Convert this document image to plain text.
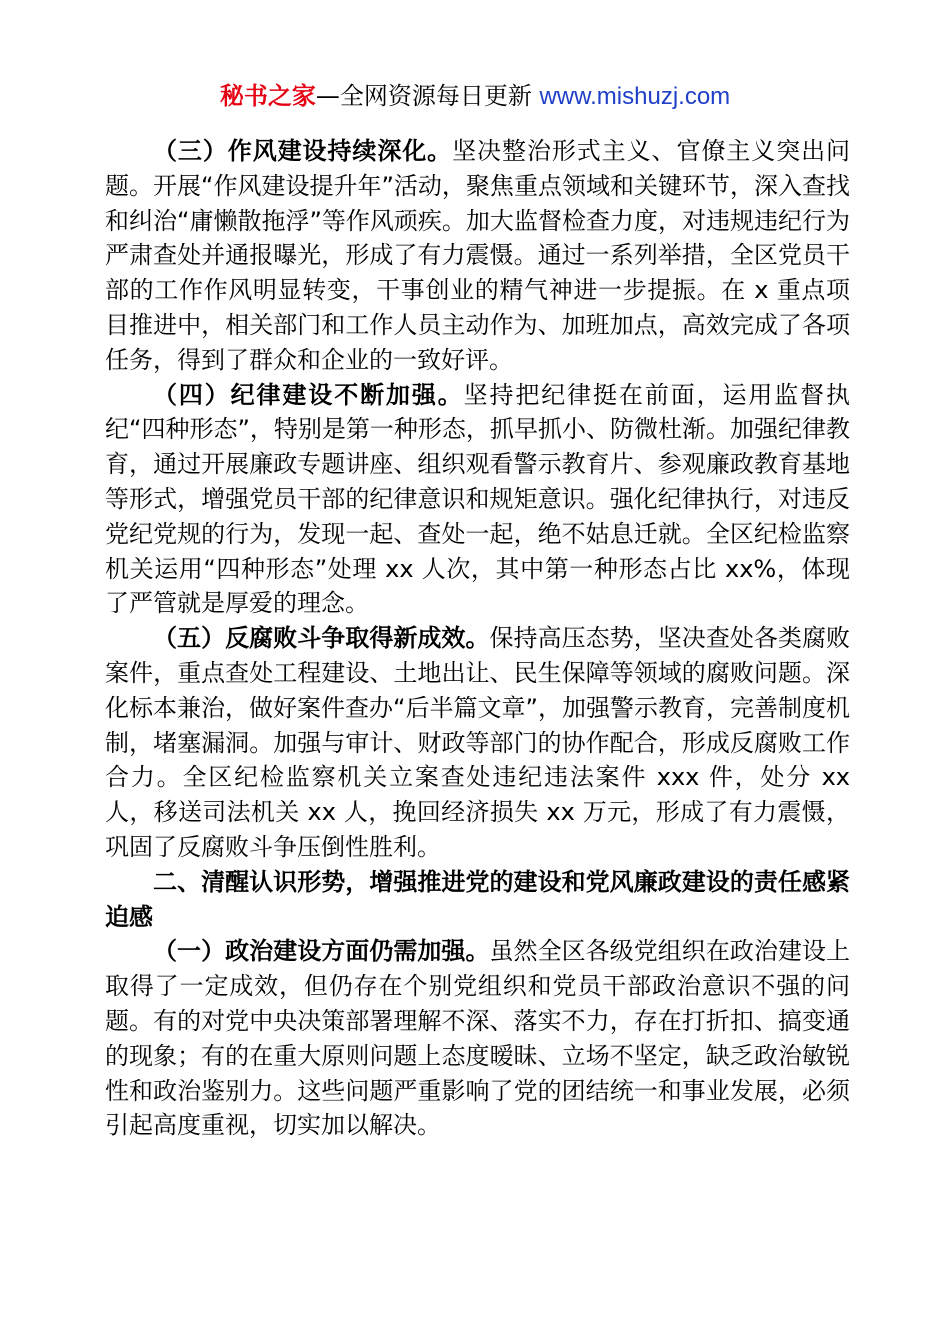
秘书之家—全网资源每日更新 www.mishuzj.com

（三）作风建设持续深化。坚决整治形式主义、官僚主义突出问题。开展“作风建设提升年”活动，聚焦重点领域和关键环节，深入查找和纠治“庸懒散拖浮”等作风顽疾。加大监督检查力度，对违规违纪行为严肃查处并通报曝光，形成了有力震慑。通过一系列举措，全区党员干部的工作作风明显转变，干事创业的精气神进一步提振。在 x 重点项目推进中，相关部门和工作人员主动作为、加班加点，高效完成了各项任务，得到了群众和企业的一致好评。

（四）纪律建设不断加强。坚持把纪律挺在前面，运用监督执纪“四种形态”，特别是第一种形态，抓早抓小、防微杜渐。加强纪律教育，通过开展廉政专题讲座、组织观看警示教育片、参观廉政教育基地等形式，增强党员干部的纪律意识和规矩意识。强化纪律执行，对违反党纪党规的行为，发现一起、查处一起，绝不姑息迁就。全区纪检监察机关运用“四种形态”处理 xx 人次，其中第一种形态占比 xx%，体现了严管就是厚爱的理念。

（五）反腐败斗争取得新成效。保持高压态势，坚决查处各类腐败案件，重点查处工程建设、土地出让、民生保障等领域的腐败问题。深化标本兼治，做好案件查办“后半篇文章”，加强警示教育，完善制度机制，堵塞漏洞。加强与审计、财政等部门的协作配合，形成反腐败工作合力。全区纪检监察机关立案查处违纪违法案件 xxx 件，处分 xx 人，移送司法机关 xx 人，挽回经济损失 xx 万元，形成了有力震慑，巩固了反腐败斗争压倒性胜利。

二、清醒认识形势，增强推进党的建设和党风廉政建设的责任感紧迫感

（一）政治建设方面仍需加强。虽然全区各级党组织在政治建设上取得了一定成效，但仍存在个别党组织和党员干部政治意识不强的问题。有的对党中央决策部署理解不深、落实不力，存在打折扣、搞变通的现象；有的在重大原则问题上态度暧昧、立场不坚定，缺乏政治敏锐性和政治鉴别力。这些问题严重影响了党的团结统一和事业发展，必须引起高度重视，切实加以解决。
